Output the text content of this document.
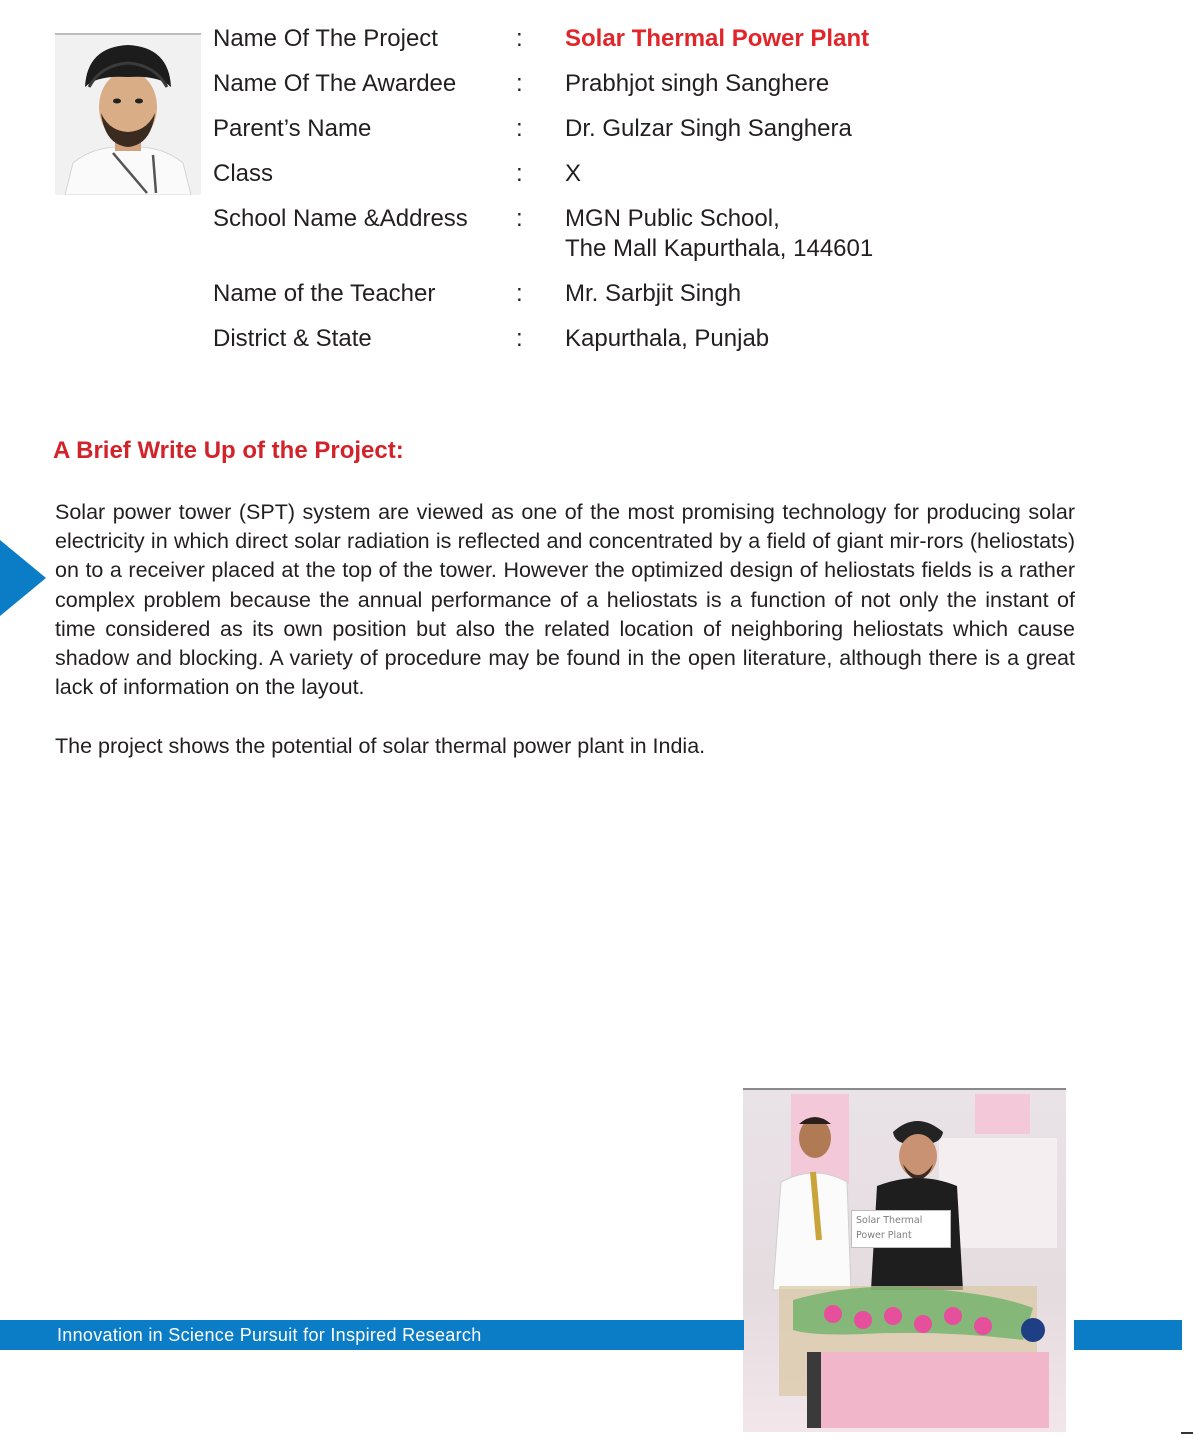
Name Of The Project	:	Solar Thermal Power Plant
Name Of The Awardee	:	Prabhjot singh Sanghere
Parent’s Name	:	Dr. Gulzar Singh Sanghera
Class	:	X
School Name &Address	:	MGN Public School,
The Mall Kapurthala, 144601
Name of the Teacher	:	Mr. Sarbjit Singh
District & State	:	Kapurthala, Punjab
A Brief Write Up of the Project:

Solar power tower (SPT) system are viewed as one of the most promising technology for producing solar electricity in which direct solar radiation is reflected and concentrated by a field of giant mir-rors (heliostats) on to a receiver placed at the top of the tower. However the optimized design of heliostats fields is a rather complex problem because the annual performance of a heliostats is a function of not only the instant of time considered as its own position but also the related location of neighboring heliostats which cause shadow and blocking. A variety of procedure may be found in the open literature, although there is a great lack of information on the layout.

The project shows the potential of solar thermal power plant in India.

Solar Thermal
Power Plant
Innovation in Science Pursuit for Inspired Research
